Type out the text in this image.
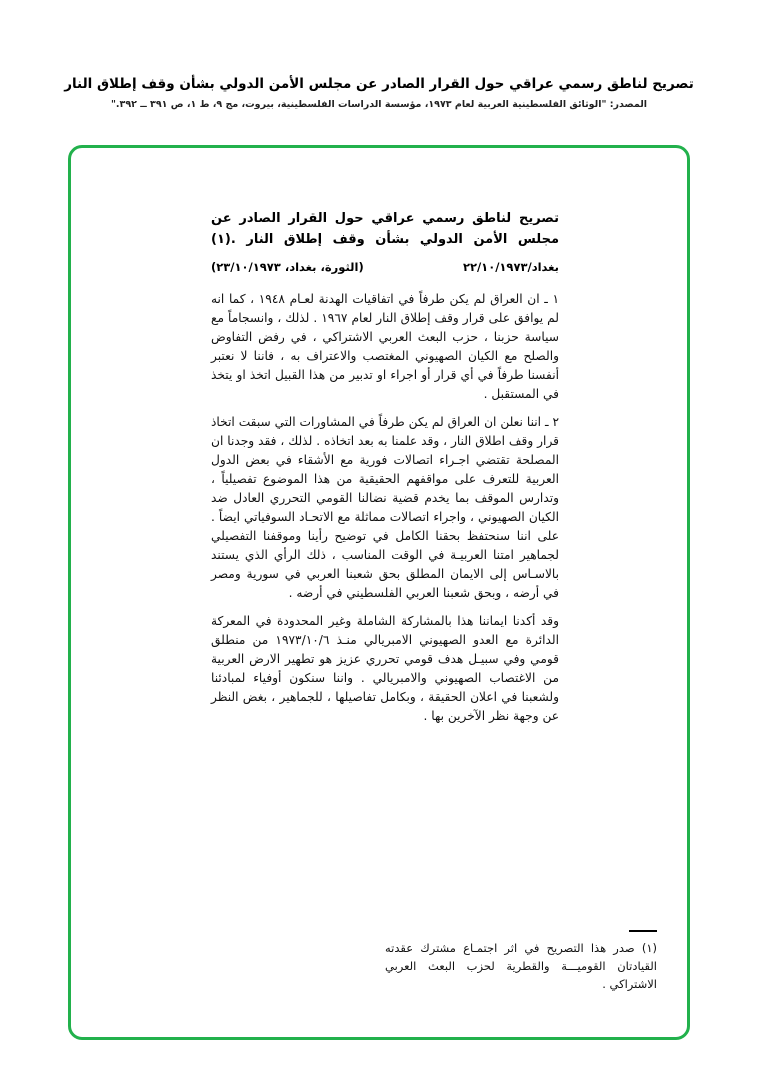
تصريح لناطق رسمي عراقي حول القرار الصادر عن مجلس الأمن الدولي بشأن وقف إطلاق النار
المصدر: "الوثائق الفلسطينية العربية لعام ١٩٧٣، مؤسسة الدراسات الفلسطينية، بيروت، مج ٩، ط ١، ص ٣٩١ ــ ٣٩٢."
تصريح لناطق رسمي عراقي حول القرار الصادر عن مجلس الأمن الدولي بشأن وقف إطلاق النار .(١)
بغداد/٢٢/١٠/١٩٧٣
(الثورة، بغداد، ٢٣/١٠/١٩٧٣)

١ ـ ان العراق لم يكن طرفاً في اتفاقيات الهدنة لعـام ١٩٤٨ ، كما انه لم يوافق على قرار وقف إطلاق النار لعام ١٩٦٧ . لذلك ، وانسجاماً مع سياسة حزبنا ، حزب البعث العربي الاشتراكي ، في رفض التفاوض والصلح مع الكيان الصهيوني المغتصب والاعتراف به ، فاننا لا نعتبر أنفسنا طرفاً في أي قرار أو اجراء او تدبير من هذا القبيل اتخذ او يتخذ في المستقبل .

٢ ـ اننا نعلن ان العراق لم يكن طرفاً في المشاورات التي سبقت اتخاذ قرار وقف اطلاق النار ، وقد علمنا به بعد اتخاذه . لذلك ، فقد وجدنا ان المصلحة تقتضي اجـراء اتصالات فورية مع الأشقاء في بعض الدول العربية للتعرف على مواقفهم الحقيقية من هذا الموضوع تفصيلياً ، وتدارس الموقف بما يخدم قضية نضالنا القومي التحرري العادل ضد الكيان الصهيوني ، واجراء اتصالات مماثلة مع الاتحـاد السوفياتي ايضاً . على اننا سنحتفظ بحقنا الكامل في توضيح رأينا وموقفنا التفصيلي لجماهير امتنا العربيـة في الوقت المناسب ، ذلك الرأي الذي يستند بالاسـاس إلى الايمان المطلق بحق شعبنا العربي في سورية ومصر في أرضه ، وبحق شعبنا العربي الفلسطيني في أرضه .

وقد أكدنا ايماننا هذا بالمشاركة الشاملة وغير المحدودة في المعركة الدائرة مع العدو الصهيوني الامبريالي منـذ ١٩٧٣/١٠/٦ من منطلق قومي وفي سبيـل هدف قومي تحرري عزيز هو تطهير الارض العربية من الاغتصاب الصهيوني والامبريالي . واننا سنكون أوفياء لمبادئنا ولشعبنا في اعلان الحقيقة ، وبكامل تفاصيلها ، للجماهير ، بغض النظر عن وجهة نظر الآخرين بها .

(١) صدر هذا التصريح في اثر اجتمـاع مشترك عقدته القيادتان القوميـــة والقطرية لحزب البعث العربي الاشتراكي .
